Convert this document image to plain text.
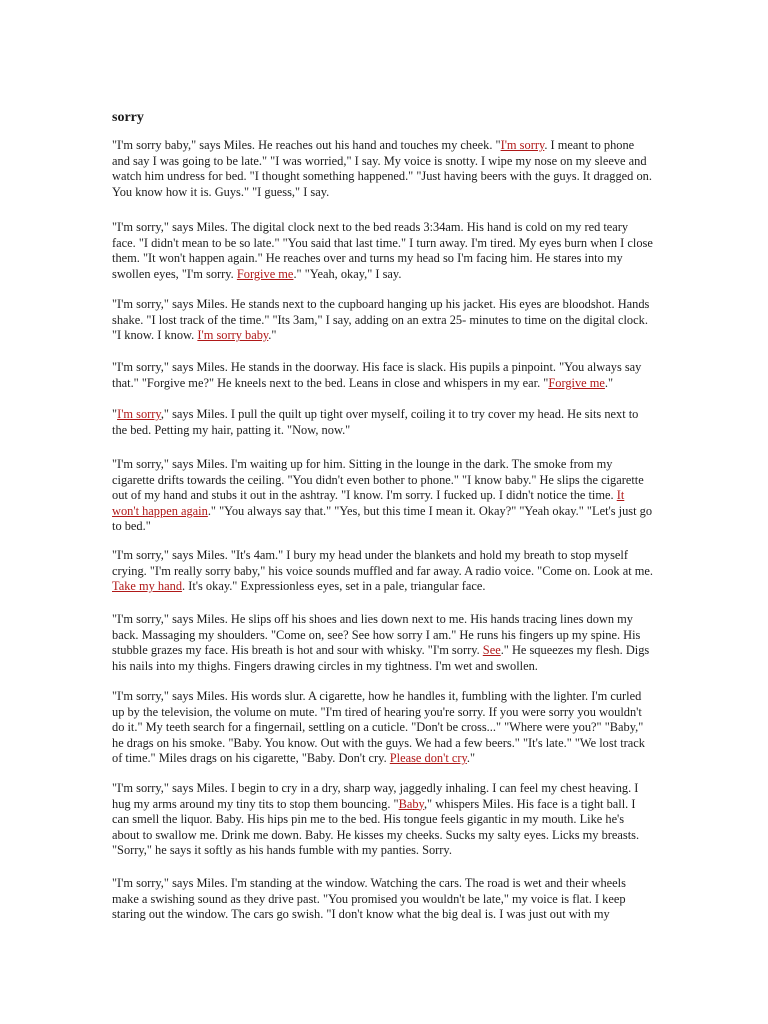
sorry

"I'm sorry baby," says Miles. He reaches out his hand and touches my cheek. "I'm sorry. I meant to phone and say I was going to be late." "I was worried," I say. My voice is snotty. I wipe my nose on my sleeve and watch him undress for bed. "I thought something happened." "Just having beers with the guys. It dragged on. You know how it is. Guys." "I guess," I say.

"I'm sorry," says Miles. The digital clock next to the bed reads 3:34am. His hand is cold on my red teary face. "I didn't mean to be so late." "You said that last time." I turn away. I'm tired. My eyes burn when I close them. "It won't happen again." He reaches over and turns my head so I'm facing him. He stares into my swollen eyes, "I'm sorry. Forgive me." "Yeah, okay," I say.

"I'm sorry," says Miles. He stands next to the cupboard hanging up his jacket. His eyes are bloodshot. Hands shake. "I lost track of the time." "Its 3am," I say, adding on an extra 25- minutes to time on the digital clock. "I know. I know. I'm sorry baby."

"I'm sorry," says Miles. He stands in the doorway. His face is slack. His pupils a pinpoint. "You always say that." "Forgive me?" He kneels next to the bed. Leans in close and whispers in my ear. "Forgive me."

"I'm sorry," says Miles. I pull the quilt up tight over myself, coiling it to try cover my head. He sits next to the bed. Petting my hair, patting it. "Now, now."

"I'm sorry," says Miles. I'm waiting up for him. Sitting in the lounge in the dark. The smoke from my cigarette drifts towards the ceiling. "You didn't even bother to phone." "I know baby." He slips the cigarette out of my hand and stubs it out in the ashtray. "I know. I'm sorry. I fucked up. I didn't notice the time. It won't happen again." "You always say that." "Yes, but this time I mean it. Okay?" "Yeah okay." "Let's just go to bed."

"I'm sorry," says Miles. "It's 4am." I bury my head under the blankets and hold my breath to stop myself crying. "I'm really sorry baby," his voice sounds muffled and far away. A radio voice. "Come on. Look at me. Take my hand. It's okay." Expressionless eyes, set in a pale, triangular face.

"I'm sorry," says Miles. He slips off his shoes and lies down next to me. His hands tracing lines down my back. Massaging my shoulders. "Come on, see? See how sorry I am." He runs his fingers up my spine. His stubble grazes my face. His breath is hot and sour with whisky. "I'm sorry. See." He squeezes my flesh. Digs his nails into my thighs. Fingers drawing circles in my tightness. I'm wet and swollen.

"I'm sorry," says Miles. His words slur. A cigarette, how he handles it, fumbling with the lighter. I'm curled up by the television, the volume on mute. "I'm tired of hearing you're sorry. If you were sorry you wouldn't do it." My teeth search for a fingernail, settling on a cuticle. "Don't be cross..." "Where were you?" "Baby," he drags on his smoke. "Baby. You know. Out with the guys. We had a few beers." "It's late." "We lost track of time." Miles drags on his cigarette, "Baby. Don't cry. Please don't cry."

"I'm sorry," says Miles. I begin to cry in a dry, sharp way, jaggedly inhaling. I can feel my chest heaving. I hug my arms around my tiny tits to stop them bouncing. "Baby," whispers Miles. His face is a tight ball. I can smell the liquor. Baby. His hips pin me to the bed. His tongue feels gigantic in my mouth. Like he's about to swallow me. Drink me down. Baby. He kisses my cheeks. Sucks my salty eyes. Licks my breasts. "Sorry," he says it softly as his hands fumble with my panties. Sorry.

"I'm sorry," says Miles. I'm standing at the window. Watching the cars. The road is wet and their wheels make a swishing sound as they drive past. "You promised you wouldn't be late," my voice is flat. I keep staring out the window. The cars go swish. "I don't know what the big deal is. I was just out with my
